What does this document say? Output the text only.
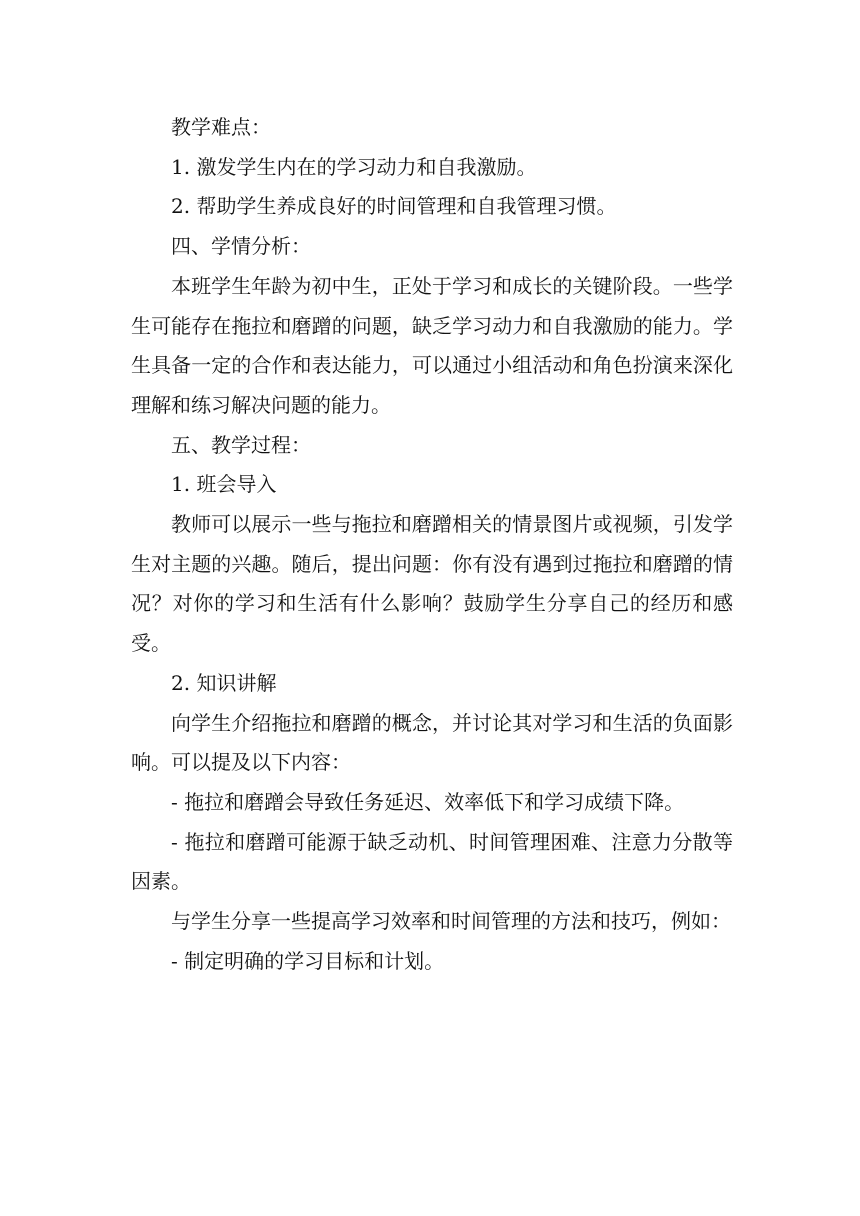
教学难点：

1. 激发学生内在的学习动力和自我激励。

2. 帮助学生养成良好的时间管理和自我管理习惯。

四、学情分析：

本班学生年龄为初中生，正处于学习和成长的关键阶段。一些学生可能存在拖拉和磨蹭的问题，缺乏学习动力和自我激励的能力。学生具备一定的合作和表达能力，可以通过小组活动和角色扮演来深化理解和练习解决问题的能力。

五、教学过程：

1. 班会导入

教师可以展示一些与拖拉和磨蹭相关的情景图片或视频，引发学生对主题的兴趣。随后，提出问题：你有没有遇到过拖拉和磨蹭的情况？对你的学习和生活有什么影响？鼓励学生分享自己的经历和感受。

2. 知识讲解

向学生介绍拖拉和磨蹭的概念，并讨论其对学习和生活的负面影响。可以提及以下内容：

- 拖拉和磨蹭会导致任务延迟、效率低下和学习成绩下降。

- 拖拉和磨蹭可能源于缺乏动机、时间管理困难、注意力分散等因素。

与学生分享一些提高学习效率和时间管理的方法和技巧，例如：

- 制定明确的学习目标和计划。
